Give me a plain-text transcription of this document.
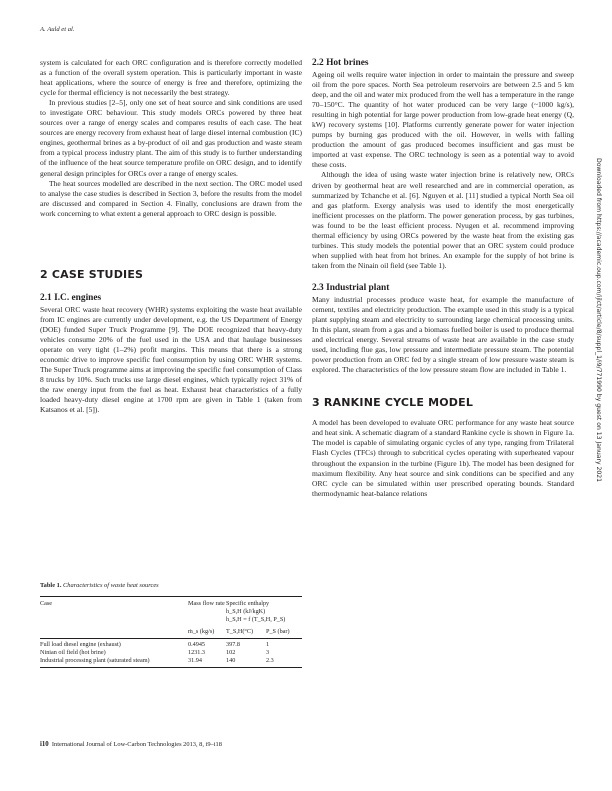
A. Auld et al.

system is calculated for each ORC configuration and is therefore correctly modelled as a function of the overall system operation. This is particularly important in waste heat applications, where the source of energy is free and therefore, optimizing the cycle for thermal efficiency is not necessarily the best strategy.

In previous studies [2–5], only one set of heat source and sink conditions are used to investigate ORC behaviour. This study models ORCs powered by three heat sources over a range of energy scales and compares results of each case. The heat sources are energy recovery from exhaust heat of large diesel internal combustion (IC) engines, geothermal brines as a by-product of oil and gas production and waste steam from a typical process industry plant. The aim of this study is to further understanding of the influence of the heat source temperature profile on ORC design, and to identify general design principles for ORCs over a range of energy scales.

The heat sources modelled are described in the next section. The ORC model used to analyse the case studies is described in Section 3, before the results from the model are discussed and compared in Section 4. Finally, conclusions are drawn from the work concerning to what extent a general approach to ORC design is possible.

2 CASE STUDIES
2.1 I.C. engines

Several ORC waste heat recovery (WHR) systems exploiting the waste heat available from IC engines are currently under development, e.g. the US Department of Energy (DOE) funded Super Truck Programme [9]. The DOE recognized that heavy-duty vehicles consume 20% of the fuel used in the USA and that haulage businesses operate on very tight (1–2%) profit margins. This means that there is a strong economic drive to improve specific fuel consumption by using ORC WHR systems. The Super Truck programme aims at improving the specific fuel consumption of Class 8 trucks by 10%. Such trucks use large diesel engines, which typically reject 31% of the raw energy input from the fuel as heat. Exhaust heat characteristics of a fully loaded heavy-duty diesel engine at 1700 rpm are given in Table 1 (taken from Katsanos et al. [5]).

Table 1. Characteristics of waste heat sources
Case	Mass flow rate Specific enthalpy
h_S,H (kJ/kgK)
h_S,H = f (T_S,H, P_S)
ṁ_s (kg/s)	T_S,H(°C)	P_S (bar)
Full load diesel engine (exhaust)	0.4945	397.8	1
Ninian oil field (hot brine)	1231.3	102	3
Industrial processing plant (saturated steam)	31.94	140	2.3
2.2 Hot brines

Ageing oil wells require water injection in order to maintain the pressure and sweep oil from the pore spaces. North Sea petroleum reservoirs are between 2.5 and 5 km deep, and the oil and water mix produced from the well has a temperature in the range 70–150°C. The quantity of hot water produced can be very large (~1000 kg/s), resulting in high potential for large power production from low-grade heat energy (Q, kW) recovery systems [10]. Platforms currently generate power for water injection pumps by burning gas produced with the oil. However, in wells with falling production the amount of gas produced becomes insufficient and gas must be imported at vast expense. The ORC technology is seen as a potential way to avoid these costs.

Although the idea of using waste water injection brine is relatively new, ORCs driven by geothermal heat are well researched and are in commercial operation, as summarized by Tchanche et al. [6]. Nguyen et al. [11] studied a typical North Sea oil and gas platform. Exergy analysis was used to identify the most energetically inefficient processes on the platform. The power generation process, by gas turbines, was found to be the least efficient process. Nyugen et al. recommend improving thermal efficiency by using ORCs powered by the waste heat from the existing gas turbines. This study models the potential power that an ORC system could produce when supplied with heat from hot brines. An example for the supply of hot brine is taken from the Ninain oil field (see Table 1).

2.3 Industrial plant

Many industrial processes produce waste heat, for example the manufacture of cement, textiles and electricity production. The example used in this study is a typical plant supplying steam and electricity to surrounding large chemical processing units. In this plant, steam from a gas and a biomass fuelled boiler is used to produce thermal and electrical energy. Several streams of waste heat are available in the case study used, including flue gas, low pressure and intermediate pressure steam. The potential power production from an ORC fed by a single stream of low pressure waste steam is explored. The characteristics of the low pressure steam flow are included in Table 1.

3 RANKINE CYCLE MODEL

A model has been developed to evaluate ORC performance for any waste heat source and heat sink. A schematic diagram of a standard Rankine cycle is shown in Figure 1a. The model is capable of simulating organic cycles of any type, ranging from Trilateral Flash Cycles (TFCs) through to subcritical cycles operating with superheated vapour throughout the expansion in the turbine (Figure 1b). The model has been designed for maximum flexibility. Any heat source and sink conditions can be specified and any ORC cycle can be simulated within user prescribed operating bounds. Standard thermodynamic heat-balance relations

i10 International Journal of Low-Carbon Technologies 2013, 8, i9–i18
Downloaded from https://academic.oup.com/ijlct/article/8/suppl_1/i9/771990 by guest on 13 January 2021
